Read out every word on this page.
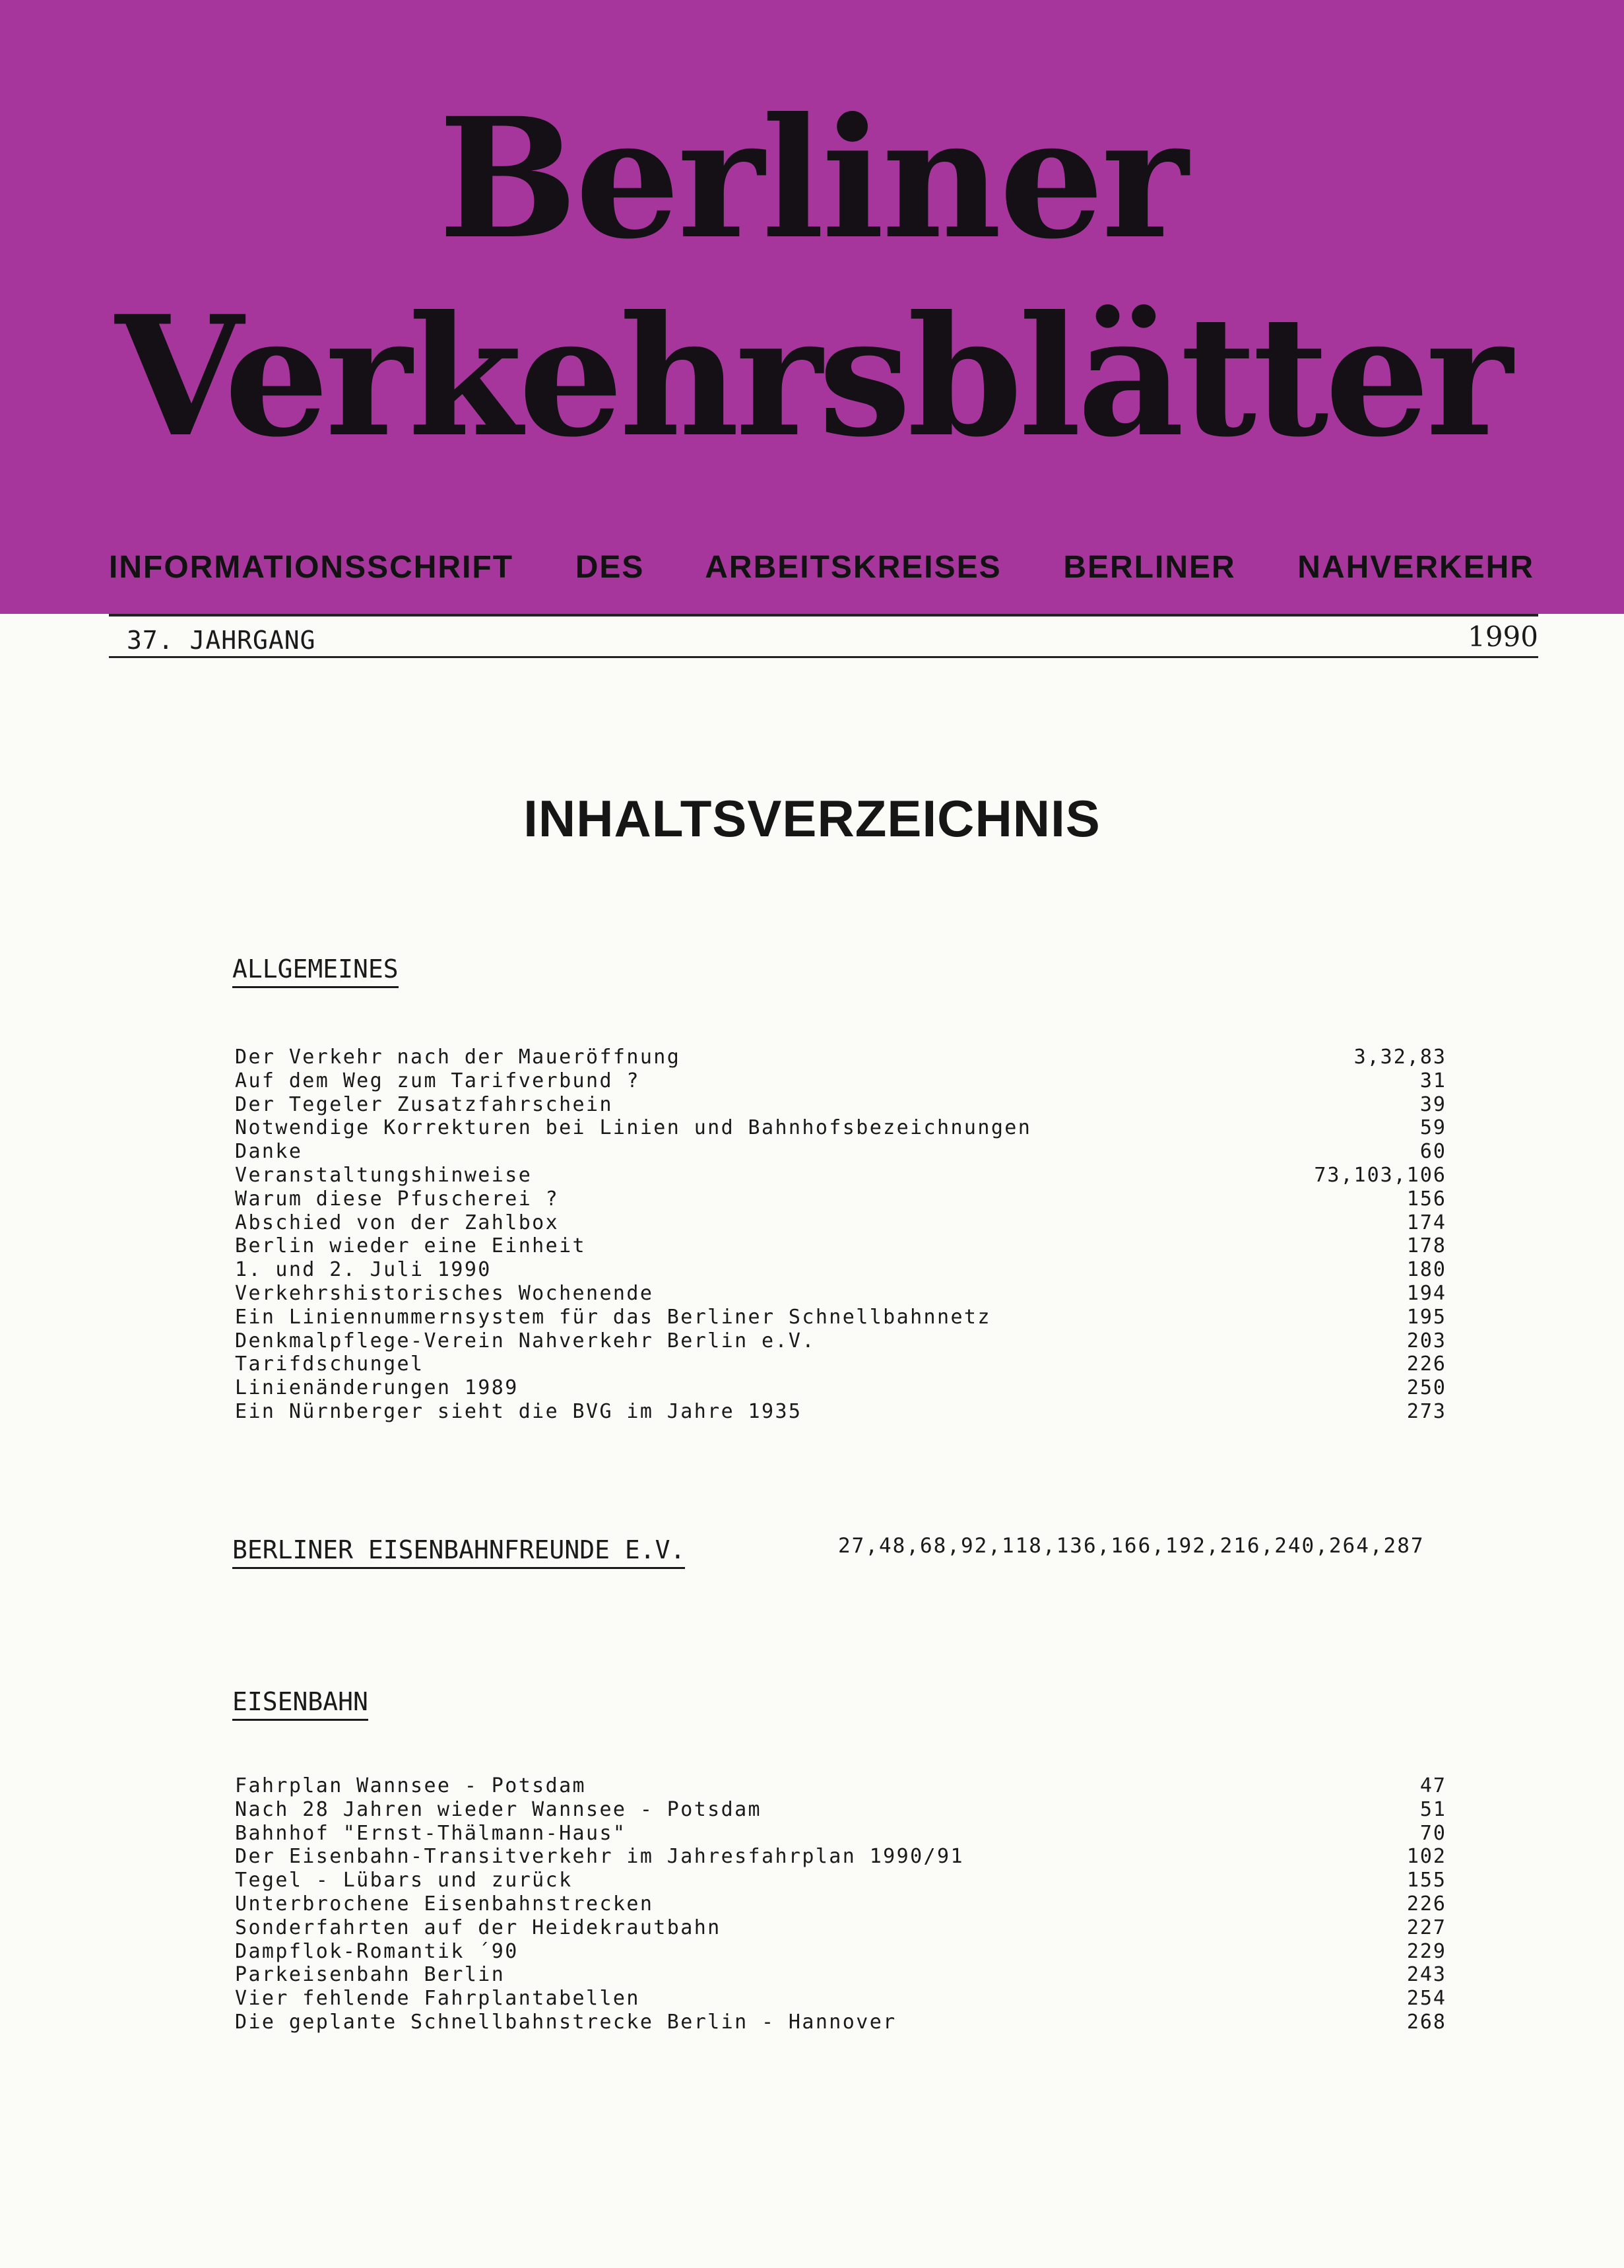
Berliner
Verkehrsblätter
INFORMATIONSSCHRIFT DES ARBEITSKREISES BERLINER NAHVERKEHR
37. JAHRGANG	1990
INHALTSVERZEICHNIS
ALLGEMEINES
Der Verkehr nach der Maueröffnung	3,32,83
Auf dem Weg zum Tarifverbund ?	31
Der Tegeler Zusatzfahrschein	39
Notwendige Korrekturen bei Linien und Bahnhofsbezeichnungen	59
Danke	60
Veranstaltungshinweise	73,103,106
Warum diese Pfuscherei ?	156
Abschied von der Zahlbox	174
Berlin wieder eine Einheit	178
1. und 2. Juli 1990	180
Verkehrshistorisches Wochenende	194
Ein Liniennummernsystem für das Berliner Schnellbahnnetz	195
Denkmalpflege-Verein Nahverkehr Berlin e.V.	203
Tarifdschungel	226
Linienänderungen 1989	250
Ein Nürnberger sieht die BVG im Jahre 1935	273
BERLINER EISENBAHNFREUNDE E.V.	27,48,68,92,118,136,166,192,216,240,264,287
EISENBAHN
Fahrplan Wannsee - Potsdam	47
Nach 28 Jahren wieder Wannsee - Potsdam	51
Bahnhof "Ernst-Thälmann-Haus"	70
Der Eisenbahn-Transitverkehr im Jahresfahrplan 1990/91	102
Tegel - Lübars und zurück	155
Unterbrochene Eisenbahnstrecken	226
Sonderfahrten auf der Heidekrautbahn	227
Dampflok-Romantik ´90	229
Parkeisenbahn Berlin	243
Vier fehlende Fahrplantabellen	254
Die geplante Schnellbahnstrecke Berlin - Hannover	268
